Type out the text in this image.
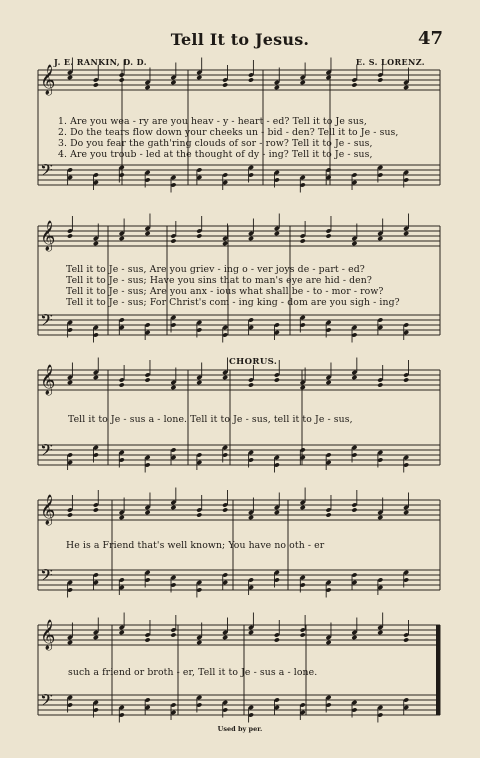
𝄞
𝄢
𝄞
𝄢
𝄞
𝄢
𝄞
𝄢
𝄞
𝄢
Tell It to Jesus.	47
J. E. RANKIN, D. D.	E. S. LORENZ.
1. Are you wea - ry are you heav - y - heart - ed? Tell it to Je sus,
2. Do the tears flow down your cheeks un - bid - den? Tell it to Je - sus,
3. Do you fear the gath'ring clouds of sor - row? Tell it to Je - sus,
4. Are you troub - led at the thought of dy - ing? Tell it to Je - sus,
Tell it to Je - sus, Are you griev - ing o - ver joys de - part - ed?
Tell it to Je - sus; Have you sins that to man's eye are hid - den?
Tell it to Je - sus; Are you anx - ious what shall be - to - mor - row?
Tell it to Je - sus; For Christ's com - ing king - dom are you sigh - ing?
CHORUS.
Tell it to Je - sus a - lone. Tell it to Je - sus, tell it to Je - sus,
He is a Friend that's well known; You have no oth - er
such a friend or broth - er, Tell it to Je - sus a - lone.
Used by per.
